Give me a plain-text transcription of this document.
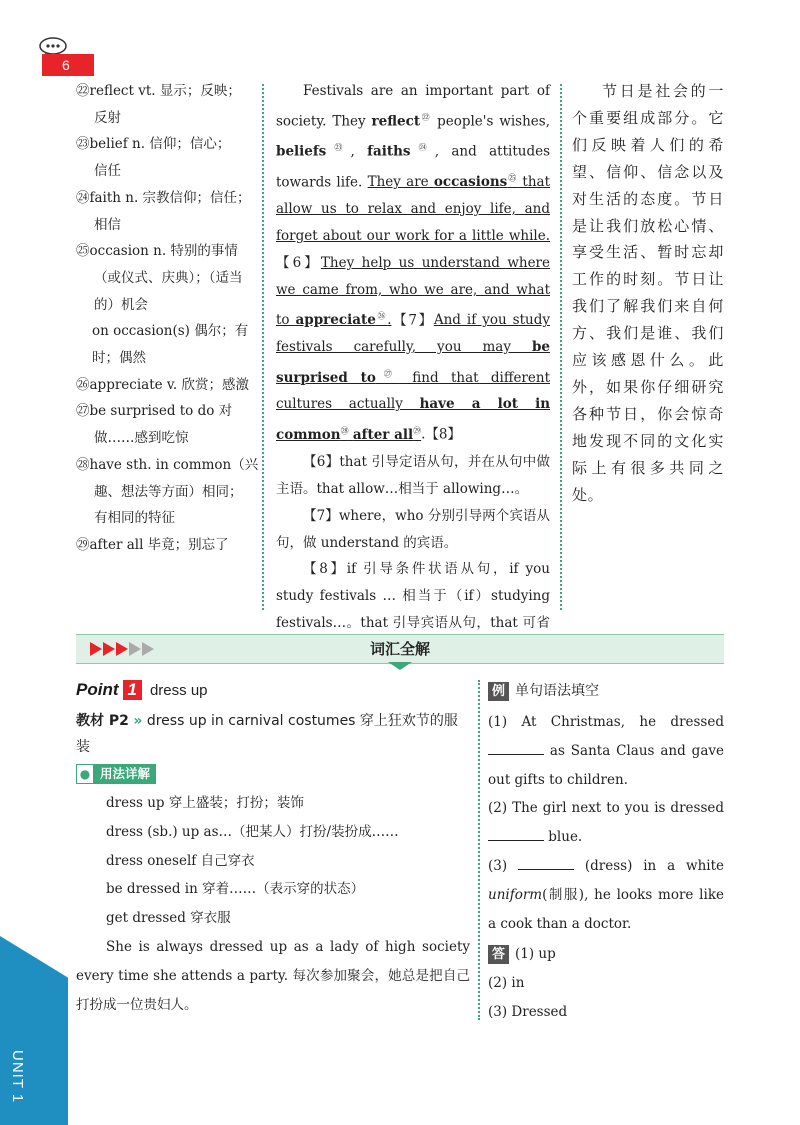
6

㉒reflect vt. 显示；反映；

反射

㉓belief n. 信仰；信心；

信任

㉔faith n. 宗教信仰；信任；

相信

㉕occasion n. 特别的事情

（或仪式、庆典）；（适当

的）机会

on occasion(s) 偶尔；有

时；偶然

㉖appreciate v. 欣赏；感激

㉗be surprised to do 对

做……感到吃惊

㉘have sth. in common（兴

趣、想法等方面）相同；

有相同的特征

㉙after all 毕竟；别忘了

Festivals are an important part of society. They reflect$^㉒$ people's wishes, beliefs$^㉓$, faiths$^㉔$, and attitudes towards life. They are occasions$^㉕$ that allow us to relax and enjoy life, and forget about our work for a little while.【6】They help us understand where we came from, who we are, and what to appreciate$^㉖$.【7】And if you study festivals carefully, you may be surprised $to^㉗$ find that different cultures actually have a lot in common$^㉘$ after all$^㉙$.【8】

【6】that 引导定语从句，并在从句中做主语。that allow…相当于 allowing…。

【7】where，who 分别引导两个宾语从句，做 understand 的宾语。

【8】if 引导条件状语从句，if you study festivals … 相当于（if）studying festivals…。that 引导宾语从句，that 可省

节日是社会的一个重要组成部分。它们反映着人们的希望、信仰、信念以及对生活的态度。节日是让我们放松心情、享受生活、暂时忘却工作的时刻。节日让我们了解我们来自何方、我们是谁、我们应该感恩什么。此外，如果你仔细研究各种节日，你会惊奇地发现不同的文化实际上有很多共同之处。

词汇全解
Point 1 dress up
教材 P2 » dress up in carnival costumes 穿上狂欢节的服装
● 用法详解
dress up 穿上盛装；打扮；装饰
dress (sb.) up as…（把某人）打扮/装扮成……
dress oneself 自己穿衣
be dressed in 穿着……（表示穿的状态）
get dressed 穿衣服
She is always dressed up as a lady of high society every time she attends a party. 每次参加聚会，她总是把自己打扮成一位贵妇人。
例 单句语法填空

(1) At Christmas, he dressed  as Santa Claus and gave out gifts to children.

(2) The girl next to you is dressed  blue.

(3)	(dress) in a white uniform(制服), he looks more like a cook than a doctor.

答 (1) up

(2) in

(3) Dressed

UNIT 1
